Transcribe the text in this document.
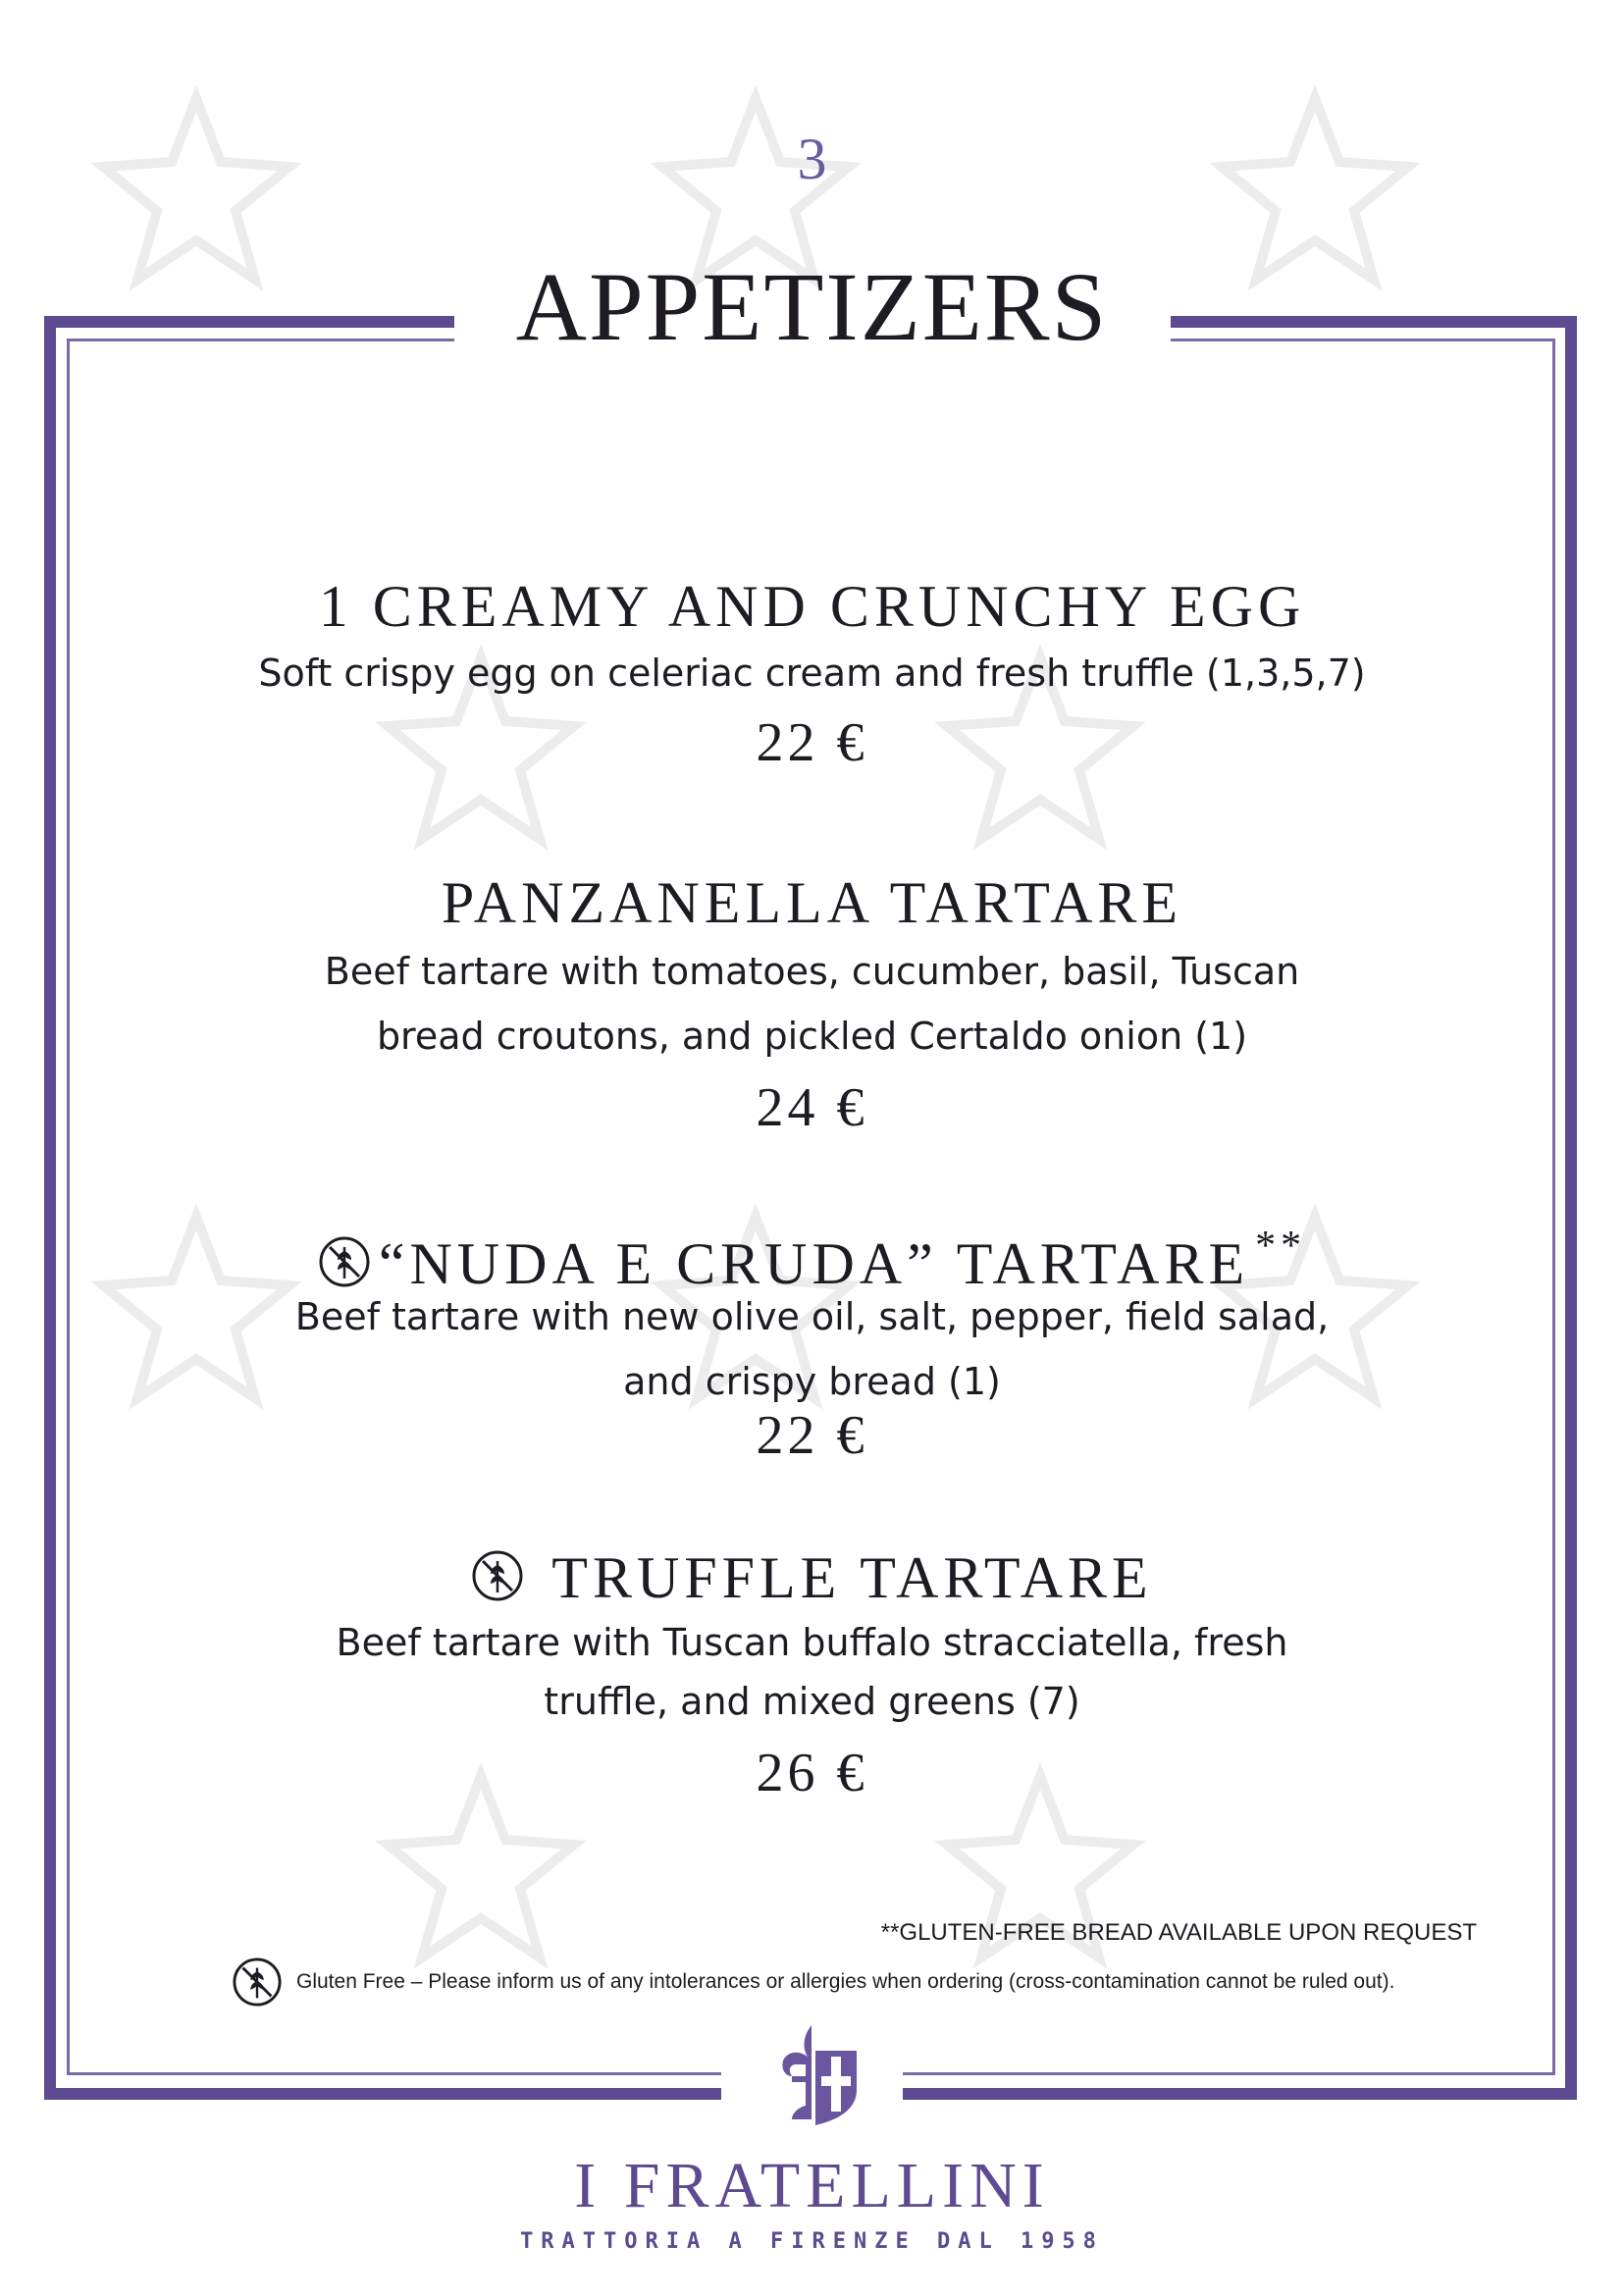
3
APPETIZERS
1 CREAMY AND CRUNCHY EGG
Soft crispy egg on celeriac cream and fresh truffle (1,3,5,7)
22 €
PANZANELLA TARTARE
Beef tartare with tomatoes, cucumber, basil, Tuscan
bread croutons, and pickled Certaldo onion (1)
24 €
“NUDA E CRUDA” TARTARE **
Beef tartare with new olive oil, salt, pepper, field salad,
and crispy bread (1)
22 €
TRUFFLE TARTARE
Beef tartare with Tuscan buffalo stracciatella, fresh
truffle, and mixed greens (7)
26 €
**GLUTEN-FREE BREAD AVAILABLE UPON REQUEST
Gluten Free – Please inform us of any intolerances or allergies when ordering (cross-contamination cannot be ruled out).
I FRATELLINI
TRATTORIA A FIRENZE DAL 1958
